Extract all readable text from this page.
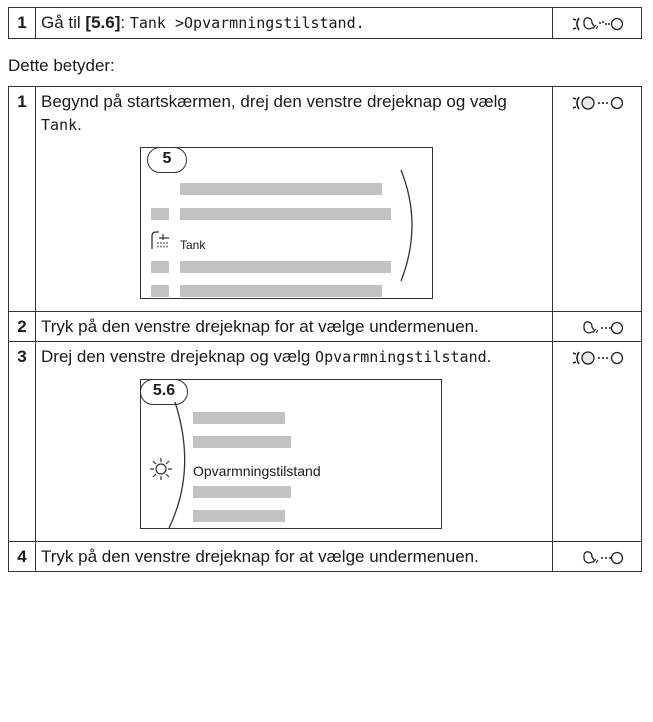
1	Gå til [5.6]: Tank >Opvarmningstilstand.	
Dette betyder:
1	Begynd på startskærmen, drej den venstre drejeknap og vælg Tank.
5
Tank

2	Tryk på den venstre drejeknap for at vælge undermenuen.	
3	Drej den venstre drejeknap og vælg Opvarmningstilstand.
5.6
Opvarmningstilstand

4	Tryk på den venstre drejeknap for at vælge undermenuen.	
